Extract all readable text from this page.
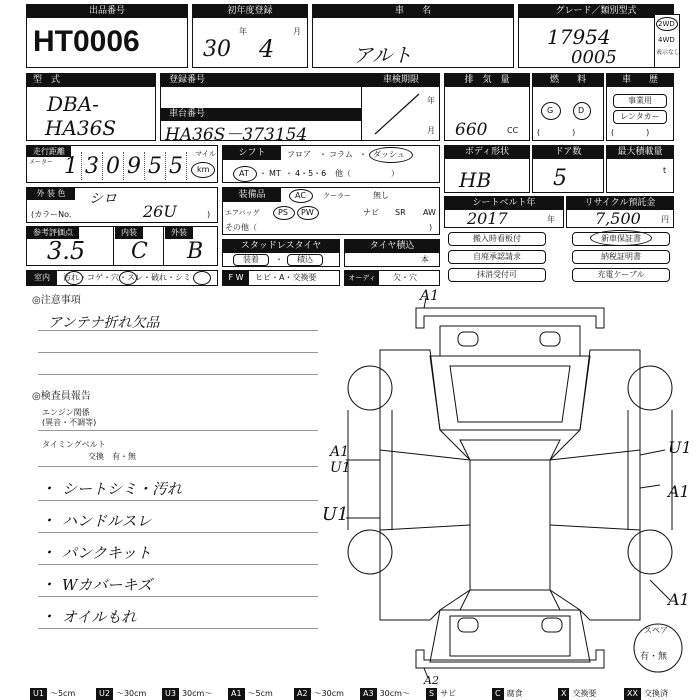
出品番号
HT0006
初年度登録
30
年
4
月
車　　名
アルト
グレード／類別型式
17954
0005
2WD
4WD
表示なし
型　式
DBA-
HA36S
登録番号
車台番号
HA36S－373154
車検期限
年
月
排　気　量
660 CC
燃　　料
G	D
(　　　　)
車　　歴
事業用
レンタカー
(　　　　)
走行距離
メーター 1 3 0 9 5 5	マイル
km
シフト	フロア ・ コラム ・ ダッシュ
AT ・ MT ・ 4・5・6 他（　　　　　）
ボディ形状
HB
ドア数
5
最大積載量
t
外 装 色	シロ
(カラーNo.	26U	)
装備品	AC クーラー	無し
エアバッグ PS PW	ナビ SR AW
その他（	)
シートベルト年
2017	年
リサイクル預託金
7,500	円
参考評価点
3.5
内装
C
外装
B	スタッドレスタイヤ
装着	・	積込
タイヤ積込
本
搬入時看板付	新車保証書
自廃承認請求	納税証明書
抹消受付可	充電ケーブル
室内	汚れ・コゲ・穴・スレ・破れ・シミ	F W	ヒビ・A・交換要	オーディオ
欠・穴
◎注意事項
アンテナ折れ欠品
◎検査員報告
エンジン関係
(異音・不調等)
タイミングベルト
交換　有・無
・ シートシミ・汚れ
・ ハンドルスレ
・ パンクキット
・ Wカバーキズ
・ オイルもれ
A1
A1
U1
U1
U1
A1
A1
A2
スペア
有・無
U1 ～5cm	U2 ～30cm	U3 30cm～	A1 ～5cm	A2 ～30cm	A3 30cm～	S サビ	C 腐食	X 交換要	XX 交換済
